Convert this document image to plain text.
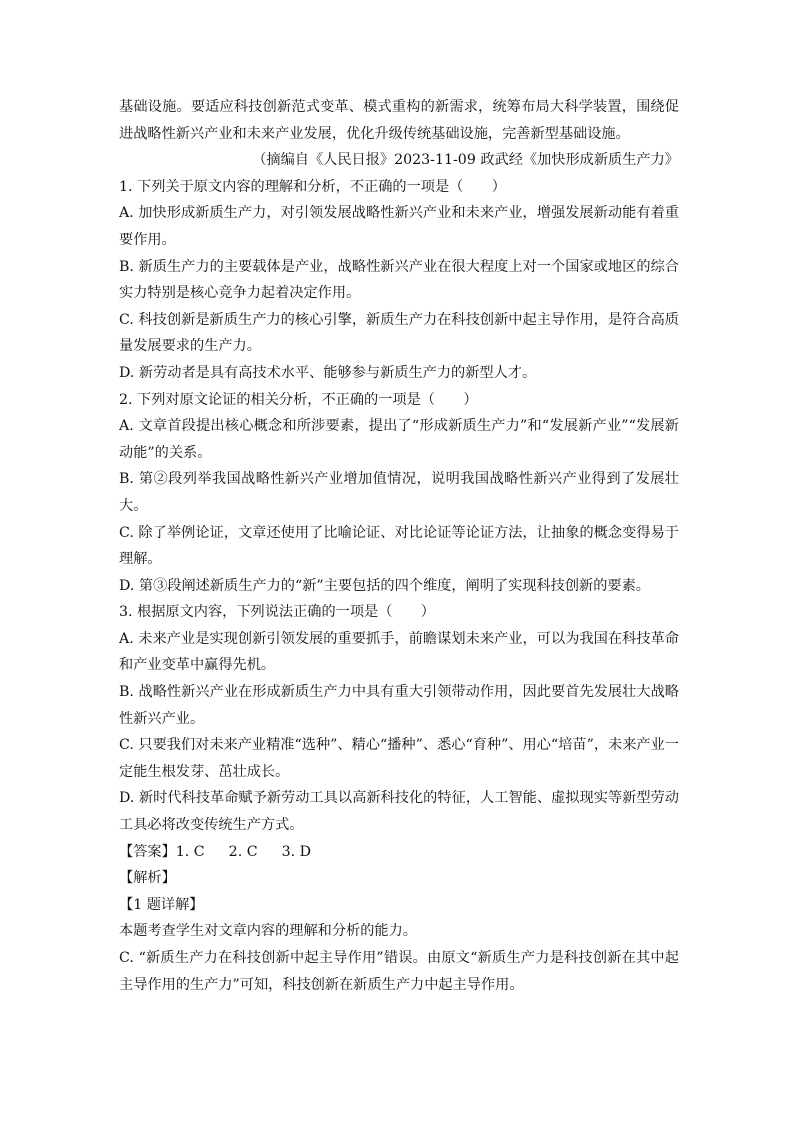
基础设施。要适应科技创新范式变革、模式重构的新需求，统筹布局大科学装置，围绕促进战略性新兴产业和未来产业发展，优化升级传统基础设施，完善新型基础设施。

（摘编自《人民日报》2023-11-09 政武经《加快形成新质生产力》

1. 下列关于原文内容的理解和分析，不正确的一项是（　　）

A. 加快形成新质生产力，对引领发展战略性新兴产业和未来产业，增强发展新动能有着重要作用。

B. 新质生产力的主要载体是产业，战略性新兴产业在很大程度上对一个国家或地区的综合实力特别是核心竞争力起着决定作用。

C. 科技创新是新质生产力的核心引擎，新质生产力在科技创新中起主导作用，是符合高质量发展要求的生产力。

D. 新劳动者是具有高技术水平、能够参与新质生产力的新型人才。

2. 下列对原文论证的相关分析，不正确的一项是（　　）

A. 文章首段提出核心概念和所涉要素，提出了“形成新质生产力”和“发展新产业”“发展新动能”的关系。

B. 第②段列举我国战略性新兴产业增加值情况，说明我国战略性新兴产业得到了发展壮大。

C. 除了举例论证，文章还使用了比喻论证、对比论证等论证方法，让抽象的概念变得易于理解。

D. 第③段阐述新质生产力的“新”主要包括的四个维度，阐明了实现科技创新的要素。

3. 根据原文内容，下列说法正确的一项是（　　）

A. 未来产业是实现创新引领发展的重要抓手，前瞻谋划未来产业，可以为我国在科技革命和产业变革中赢得先机。

B. 战略性新兴产业在形成新质生产力中具有重大引领带动作用，因此要首先发展壮大战略性新兴产业。

C. 只要我们对未来产业精准“选种”、精心“播种”、悉心“育种”、用心“培苗”，未来产业一定能生根发芽、茁壮成长。

D. 新时代科技革命赋予新劳动工具以高新科技化的特征，人工智能、虚拟现实等新型劳动工具必将改变传统生产方式。

【答案】1. C 2. C 3. D

【解析】

【1 题详解】

本题考查学生对文章内容的理解和分析的能力。

C. “新质生产力在科技创新中起主导作用”错误。由原文“新质生产力是科技创新在其中起主导作用的生产力”可知，科技创新在新质生产力中起主导作用。
